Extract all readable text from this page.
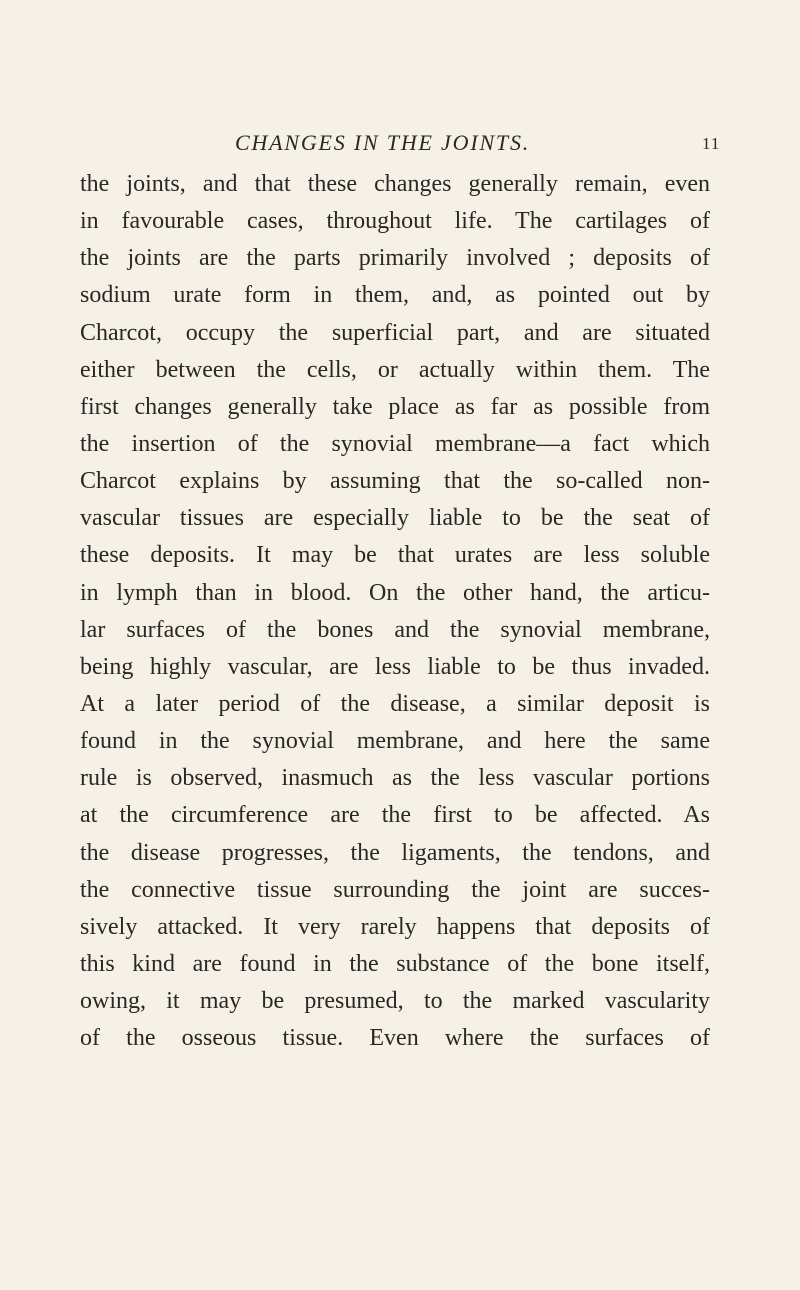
CHANGES IN THE JOINTS.	11
the joints, and that these changes generally remain, even
in favourable cases, throughout life. The cartilages of
the joints are the parts primarily involved ; deposits of
sodium urate form in them, and, as pointed out by
Charcot, occupy the superficial part, and are situated
either between the cells, or actually within them. The
first changes generally take place as far as possible from
the insertion of the synovial membrane—a fact which
Charcot explains by assuming that the so-called non-
vascular tissues are especially liable to be the seat of
these deposits. It may be that urates are less soluble
in lymph than in blood. On the other hand, the articu-
lar surfaces of the bones and the synovial membrane,
being highly vascular, are less liable to be thus invaded.
At a later period of the disease, a similar deposit is
found in the synovial membrane, and here the same
rule is observed, inasmuch as the less vascular portions
at the circumference are the first to be affected. As
the disease progresses, the ligaments, the tendons, and
the connective tissue surrounding the joint are succes-
sively attacked. It very rarely happens that deposits of
this kind are found in the substance of the bone itself,
owing, it may be presumed, to the marked vascularity
of the osseous tissue. Even where the surfaces of
